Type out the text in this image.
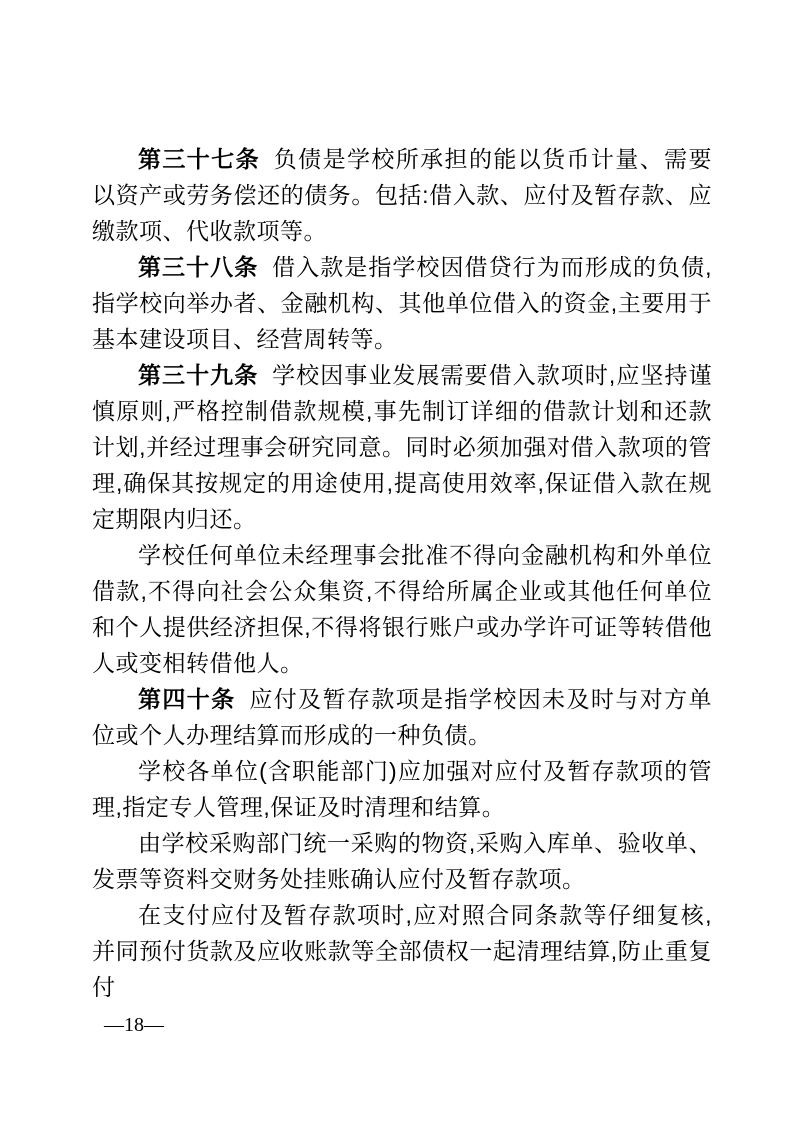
第三十七条 负债是学校所承担的能以货币计量、需要以资产或劳务偿还的债务。包括:借入款、应付及暂存款、应缴款项、代收款项等。

第三十八条 借入款是指学校因借贷行为而形成的负债,指学校向举办者、金融机构、其他单位借入的资金,主要用于基本建设项目、经营周转等。

第三十九条 学校因事业发展需要借入款项时,应坚持谨慎原则,严格控制借款规模,事先制订详细的借款计划和还款计划,并经过理事会研究同意。同时必须加强对借入款项的管理,确保其按规定的用途使用,提高使用效率,保证借入款在规定期限内归还。

学校任何单位未经理事会批准不得向金融机构和外单位借款,不得向社会公众集资,不得给所属企业或其他任何单位和个人提供经济担保,不得将银行账户或办学许可证等转借他人或变相转借他人。

第四十条 应付及暂存款项是指学校因未及时与对方单位或个人办理结算而形成的一种负债。

学校各单位(含职能部门)应加强对应付及暂存款项的管理,指定专人管理,保证及时清理和结算。

由学校采购部门统一采购的物资,采购入库单、验收单、发票等资料交财务处挂账确认应付及暂存款项。

在支付应付及暂存款项时,应对照合同条款等仔细复核,并同预付货款及应收账款等全部债权一起清理结算,防止重复付

—18—
